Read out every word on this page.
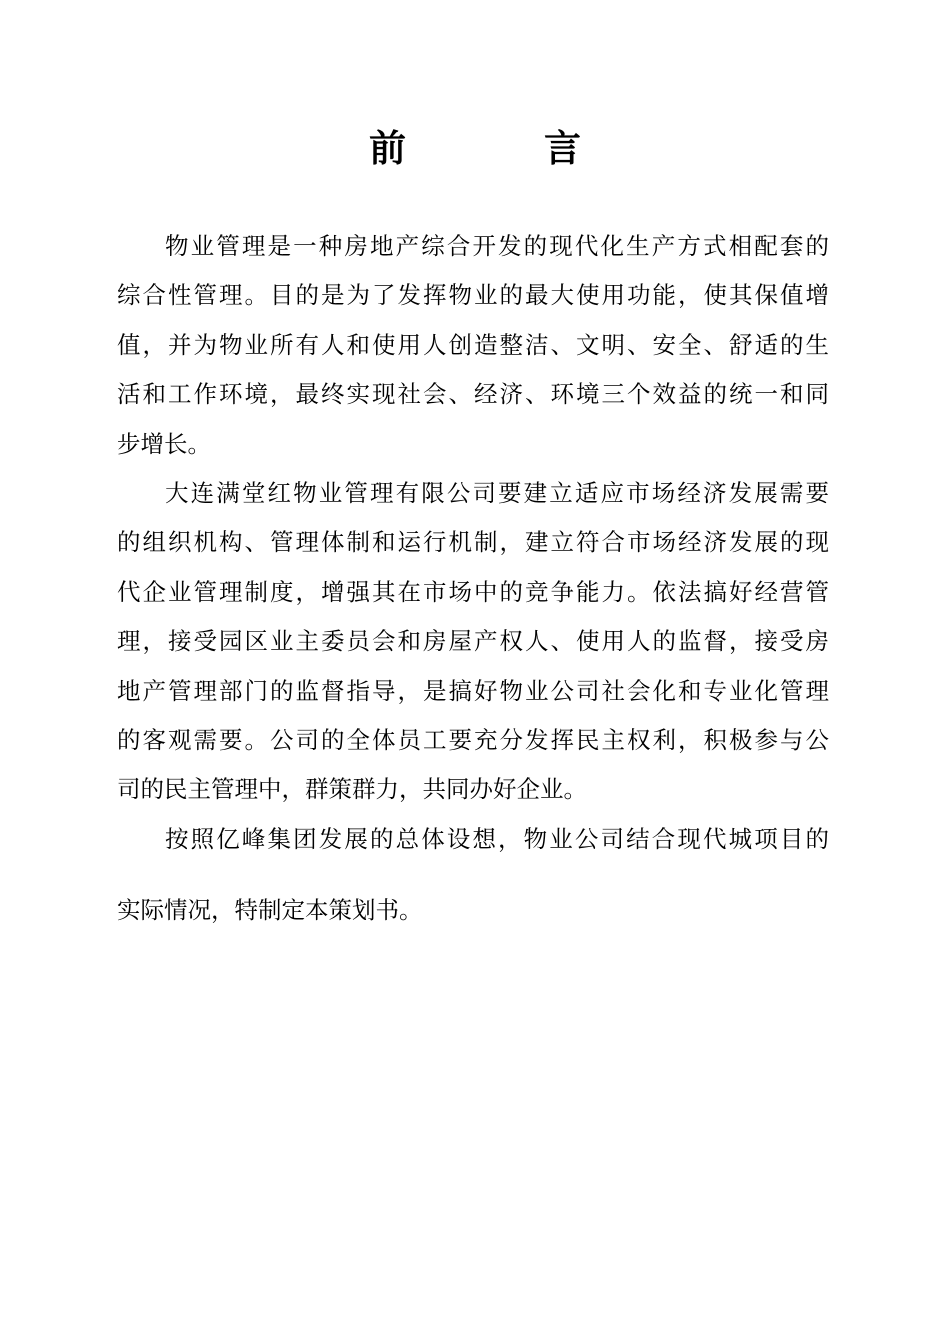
前	言

物业管理是一种房地产综合开发的现代化生产方式相配套的
综合性管理。目的是为了发挥物业的最大使用功能，使其保值增
值，并为物业所有人和使用人创造整洁、文明、安全、舒适的生
活和工作环境，最终实现社会、经济、环境三个效益的统一和同
步增长。

大连满堂红物业管理有限公司要建立适应市场经济发展需要
的组织机构、管理体制和运行机制，建立符合市场经济发展的现
代企业管理制度，增强其在市场中的竞争能力。依法搞好经营管
理，接受园区业主委员会和房屋产权人、使用人的监督，接受房
地产管理部门的监督指导，是搞好物业公司社会化和专业化管理
的客观需要。公司的全体员工要充分发挥民主权利，积极参与公
司的民主管理中，群策群力，共同办好企业。

按照亿峰集团发展的总体设想，物业公司结合现代城项目的
实际情况，特制定本策划书。
